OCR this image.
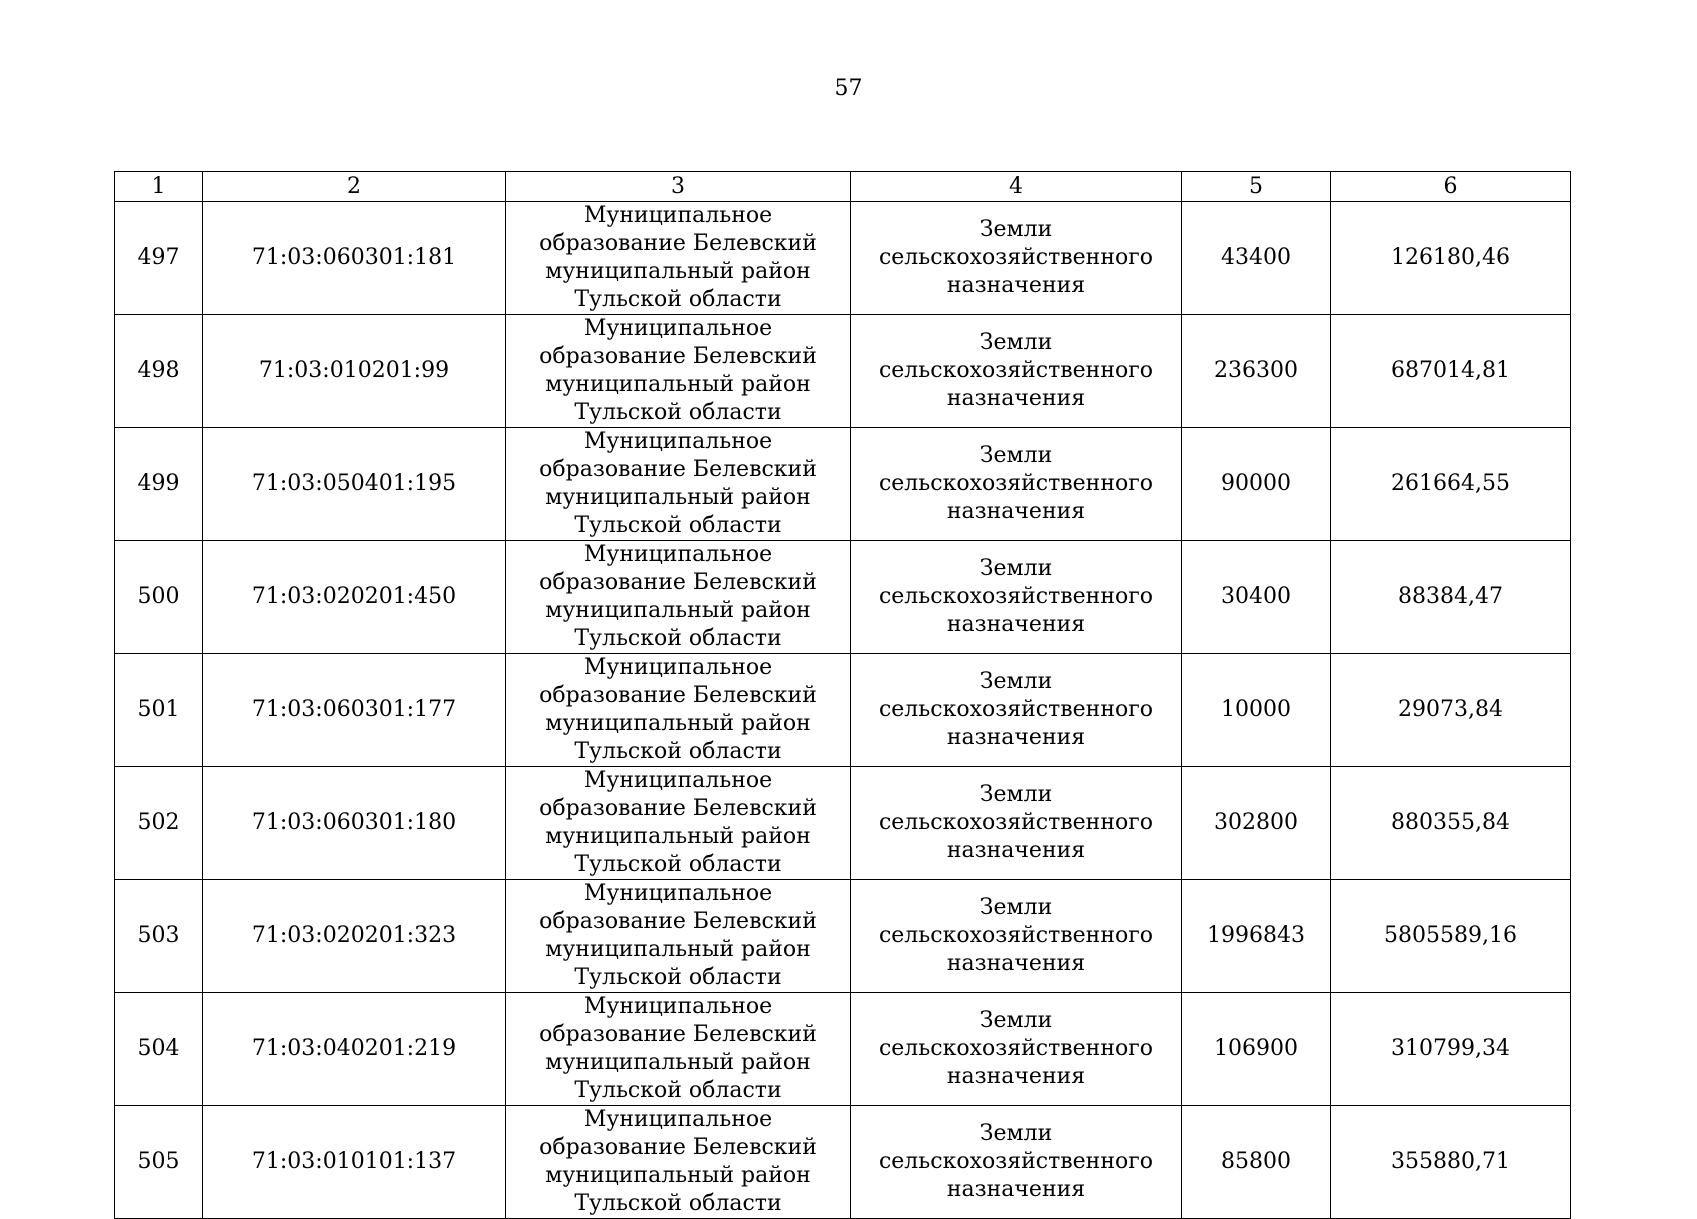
57
1	2	3	4	5	6
497	71:03:060301:181	Муниципальное образование Белевский муниципальный район Тульской области	Земли сельскохозяйственного назначения	43400	126180,46
498	71:03:010201:99	Муниципальное образование Белевский муниципальный район Тульской области	Земли сельскохозяйственного назначения	236300	687014,81
499	71:03:050401:195	Муниципальное образование Белевский муниципальный район Тульской области	Земли сельскохозяйственного назначения	90000	261664,55
500	71:03:020201:450	Муниципальное образование Белевский муниципальный район Тульской области	Земли сельскохозяйственного назначения	30400	88384,47
501	71:03:060301:177	Муниципальное образование Белевский муниципальный район Тульской области	Земли сельскохозяйственного назначения	10000	29073,84
502	71:03:060301:180	Муниципальное образование Белевский муниципальный район Тульской области	Земли сельскохозяйственного назначения	302800	880355,84
503	71:03:020201:323	Муниципальное образование Белевский муниципальный район Тульской области	Земли сельскохозяйственного назначения	1996843	5805589,16
504	71:03:040201:219	Муниципальное образование Белевский муниципальный район Тульской области	Земли сельскохозяйственного назначения	106900	310799,34
505	71:03:010101:137	Муниципальное образование Белевский муниципальный район Тульской области	Земли сельскохозяйственного назначения	85800	355880,71
